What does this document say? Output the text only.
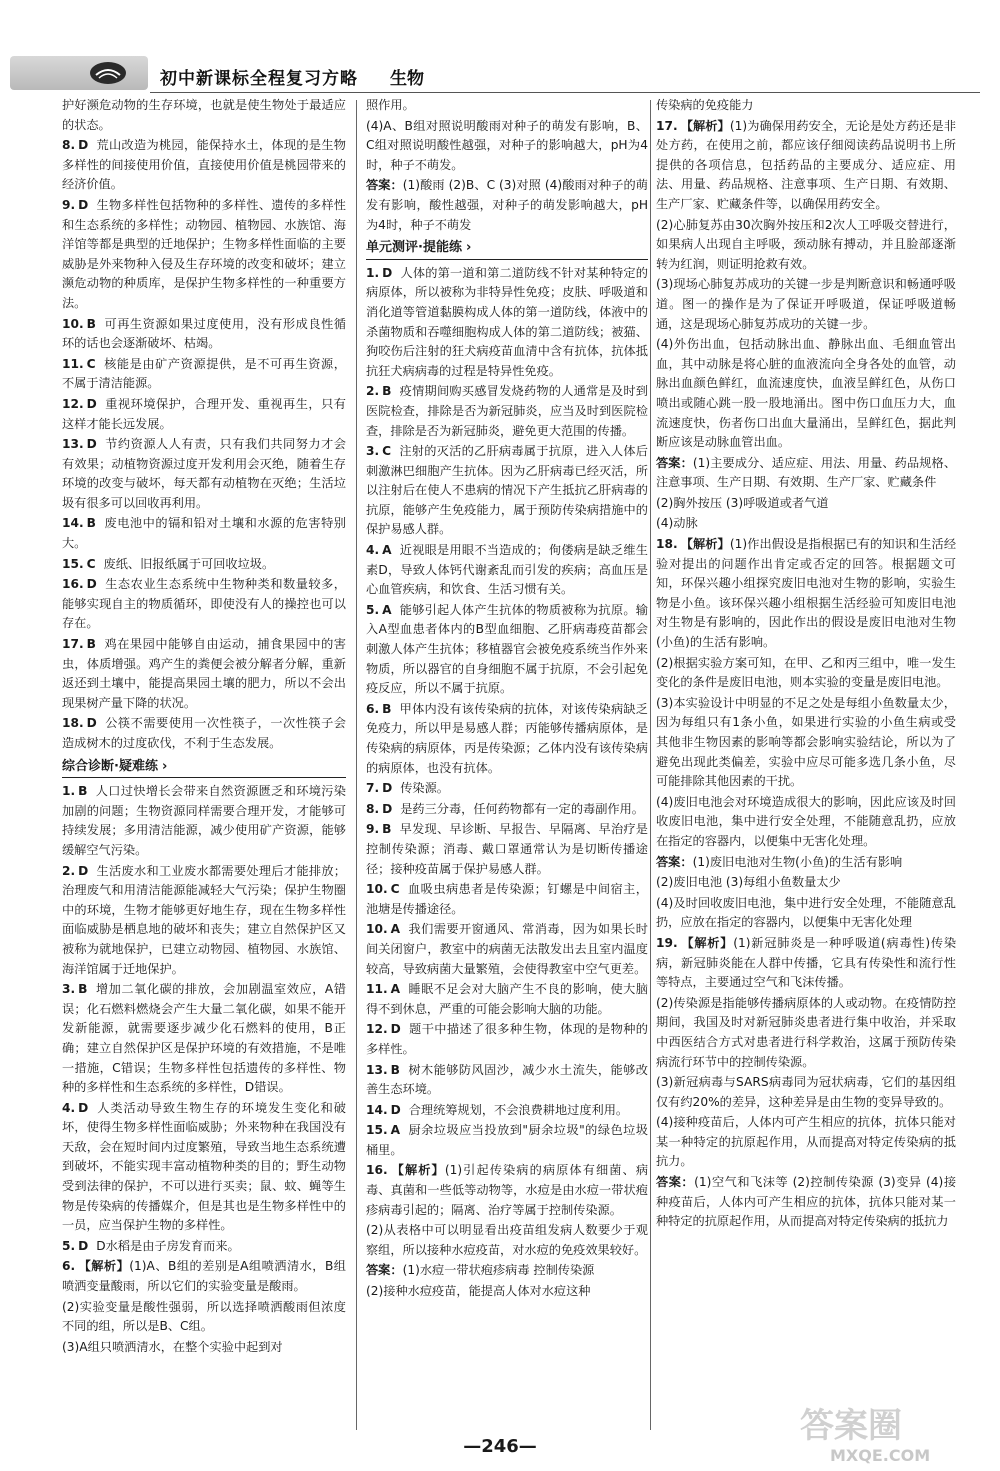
初中新课标全程复习方略 生物
护好濒危动物的生存环境，也就是使生物处于最适应的状态。
8. D 荒山改造为桃园，能保持水土，体现的是生物多样性的间接使用价值，直接使用价值是桃园带来的经济价值。
9. D 生物多样性包括物种的多样性、遗传的多样性和生态系统的多样性；动物园、植物园、水族馆、海洋馆等都是典型的迁地保护；生物多样性面临的主要威胁是外来物种入侵及生存环境的改变和破坏；建立濒危动物的种质库，是保护生物多样性的一种重要方法。
10. B 可再生资源如果过度使用，没有形成良性循环的话也会逐渐破坏、枯竭。
11. C 核能是由矿产资源提供，是不可再生资源，不属于清洁能源。
12. D 重视环境保护，合理开发、重视再生，只有这样才能长远发展。
13. D 节约资源人人有责，只有我们共同努力才会有效果；动植物资源过度开发利用会灭绝，随着生存环境的改变与破坏，每天都有动植物在灭绝；生活垃圾有很多可以回收再利用。
14. B 废电池中的镉和铅对土壤和水源的危害特别大。
15. C 废纸、旧报纸属于可回收垃圾。
16. D 生态农业生态系统中生物种类和数量较多，能够实现自主的物质循环，即使没有人的操控也可以存在。
17. B 鸡在果园中能够自由运动，捕食果园中的害虫，体质增强。鸡产生的粪便会被分解者分解，重新返还到土壤中，能提高果园土壤的肥力，所以不会出现果树产量下降的状况。
18. D 公筷不需要使用一次性筷子，一次性筷子会造成树木的过度砍伐，不利于生态发展。
综合诊断·疑难练 ›
1. B 人口过快增长会带来自然资源匮乏和环境污染加剧的问题；生物资源同样需要合理开发，才能够可持续发展；多用清洁能源，减少使用矿产资源，能够缓解空气污染。
2. D 生活废水和工业废水都需要处理后才能排放；治理废气和用清洁能源能减轻大气污染；保护生物圈中的环境，生物才能够更好地生存，现在生物多样性面临威胁是栖息地的破坏和丧失；建立自然保护区又被称为就地保护，已建立动物园、植物园、水族馆、海洋馆属于迁地保护。
3. B 增加二氧化碳的排放，会加剧温室效应，A错误；化石燃料燃烧会产生大量二氧化碳，如果不能开发新能源，就需要逐步减少化石燃料的使用，B正确；建立自然保护区是保护环境的有效措施，不是唯一措施，C错误；生物多样性包括遗传的多样性、物种的多样性和生态系统的多样性，D错误。
4. D 人类活动导致生物生存的环境发生变化和破坏，使得生物多样性面临威胁；外来物种在我国没有天敌，会在短时间内过度繁殖，导致当地生态系统遭到破坏，不能实现丰富动植物种类的目的；野生动物受到法律的保护，不可以进行买卖；鼠、蚊、蝇等生物是传染病的传播媒介，但是其也是生物多样性中的一员，应当保护生物的多样性。
5. D D水稻是由子房发育而来。
6. 【解析】(1)A、B组的差别是A组喷洒清水，B组喷洒变量酸雨，所以它们的实验变量是酸雨。
(2)实验变量是酸性强弱，所以选择喷洒酸雨但浓度不同的组，所以是B、C组。
(3)A组只喷洒清水，在整个实验中起到对
照作用。
(4)A、B组对照说明酸雨对种子的萌发有影响，B、C组对照说明酸性越强，对种子的影响越大，pH为4时，种子不萌发。
答案：(1)酸雨 (2)B、C (3)对照 (4)酸雨对种子的萌发有影响，酸性越强，对种子的萌发影响越大，pH为4时，种子不萌发
单元测评·提能练 ›
1. D 人体的第一道和第二道防线不针对某种特定的病原体，所以被称为非特异性免疫；皮肤、呼吸道和消化道等管道黏膜构成人体的第一道防线，体液中的杀菌物质和吞噬细胞构成人体的第二道防线；被猫、狗咬伤后注射的狂犬病疫苗血清中含有抗体，抗体抵抗狂犬病病毒的过程是特异性免疫。
2. B 疫情期间购买感冒发烧药物的人通常是及时到医院检查，排除是否为新冠肺炎，应当及时到医院检查，排除是否为新冠肺炎，避免更大范围的传播。
3. C 注射的灭活的乙肝病毒属于抗原，进入人体后刺激淋巴细胞产生抗体。因为乙肝病毒已经灭活，所以注射后在使人不患病的情况下产生抵抗乙肝病毒的抗原，能够产生免疫能力，属于预防传染病措施中的保护易感人群。
4. A 近视眼是用眼不当造成的；佝偻病是缺乏维生素D，导致人体钙代谢紊乱而引发的疾病；高血压是心血管疾病，和饮食、生活习惯有关。
5. A 能够引起人体产生抗体的物质被称为抗原。输入A型血患者体内的B型血细胞、乙肝病毒疫苗都会刺激人体产生抗体；移植器官会被免疫系统当作外来物质，所以器官的自身细胞不属于抗原，不会引起免疫反应，所以不属于抗原。
6. B 甲体内没有该传染病的抗体，对该传染病缺乏免疫力，所以甲是易感人群；丙能够传播病原体，是传染病的病原体，丙是传染源；乙体内没有该传染病的病原体，也没有抗体。
7. D 传染源。
8. D 是药三分毒，任何药物都有一定的毒副作用。
9. B 早发现、早诊断、早报告、早隔离、早治疗是控制传染源；消毒、戴口罩通常认为是切断传播途径；接种疫苗属于保护易感人群。
10. C 血吸虫病患者是传染源；钉螺是中间宿主，池塘是传播途径。
10. A 我们需要开窗通风、常消毒，因为如果长时间关闭窗户，教室中的病菌无法散发出去且室内温度较高，导致病菌大量繁殖，会使得教室中空气更差。
11. A 睡眠不足会对大脑产生不良的影响，使大脑得不到休息，严重的可能会影响大脑的功能。
12. D 题干中描述了很多种生物，体现的是物种的多样性。
13. B 树木能够防风固沙，减少水土流失，能够改善生态环境。
14. D 合理统筹规划，不会浪费耕地过度利用。
15. A 厨余垃圾应当投放到"厨余垃圾"的绿色垃圾桶里。
16. 【解析】(1)引起传染病的病原体有细菌、病毒、真菌和一些低等动物等，水痘是由水痘一带状疱疹病毒引起的；隔离、治疗等属于控制传染源。
(2)从表格中可以明显看出疫苗组发病人数要少于观察组，所以接种水痘疫苗，对水痘的免疫效果较好。
答案：(1)水痘一带状疱疹病毒 控制传染源
(2)接种水痘疫苗，能提高人体对水痘这种
传染病的免疫能力
17. 【解析】(1)为确保用药安全，无论是处方药还是非处方药，在使用之前，都应该仔细阅读药品说明书上所提供的各项信息，包括药品的主要成分、适应症、用法、用量、药品规格、注意事项、生产日期、有效期、生产厂家、贮藏条件等，以确保用药安全。
(2)心肺复苏由30次胸外按压和2次人工呼吸交替进行，如果病人出现自主呼吸，颈动脉有搏动，并且脸部逐渐转为红润，则证明抢救有效。
(3)现场心肺复苏成功的关键一步是判断意识和畅通呼吸道。图一的操作是为了保证开呼吸道，保证呼吸道畅通，这是现场心肺复苏成功的关键一步。
(4)外伤出血，包括动脉出血、静脉出血、毛细血管出血，其中动脉是将心脏的血液流向全身各处的血管，动脉出血颜色鲜红，血流速度快，血液呈鲜红色，从伤口喷出或随心跳一股一股地涌出。图中伤口血压力大，血流速度快，伤者伤口出血大量涌出，呈鲜红色，据此判断应该是动脉血管出血。
答案：(1)主要成分、适应症、用法、用量、药品规格、注意事项、生产日期、有效期、生产厂家、贮藏条件
(2)胸外按压 (3)呼吸道或者气道
(4)动脉
18. 【解析】(1)作出假设是指根据已有的知识和生活经验对提出的问题作出肯定或否定的回答。根据题文可知，环保兴趣小组探究废旧电池对生物的影响，实验生物是小鱼。该环保兴趣小组根据生活经验可知废旧电池对生物是有影响的，因此作出的假设是废旧电池对生物(小鱼)的生活有影响。
(2)根据实验方案可知，在甲、乙和丙三组中，唯一发生变化的条件是废旧电池，则本实验的变量是废旧电池。
(3)本实验设计中明显的不足之处是每组小鱼数量太少，因为每组只有1条小鱼，如果进行实验的小鱼生病或受其他非生物因素的影响等都会影响实验结论，所以为了避免出现此类偏差，实验中应尽可能多选几条小鱼，尽可能排除其他因素的干扰。
(4)废旧电池会对环境造成很大的影响，因此应该及时回收废旧电池，集中进行安全处理，不能随意乱扔，应放在指定的容器内，以便集中无害化处理。
答案：(1)废旧电池对生物(小鱼)的生活有影响
(2)废旧电池 (3)每组小鱼数量太少
(4)及时回收废旧电池，集中进行安全处理，不能随意乱扔，应放在指定的容器内，以便集中无害化处理
19. 【解析】(1)新冠肺炎是一种呼吸道(病毒性)传染病，新冠肺炎能在人群中传播，它具有传染性和流行性等特点，主要通过空气和飞沫传播。
(2)传染源是指能够传播病原体的人或动物。在疫情防控期间，我国及时对新冠肺炎患者进行集中收治，并采取中西医结合方式对患者进行科学救治，这属于预防传染病流行环节中的控制传染源。
(3)新冠病毒与SARS病毒同为冠状病毒，它们的基因组仅有约20%的差异，这种差异是由生物的变异导致的。
(4)接种疫苗后，人体内可产生相应的抗体，抗体只能对某一种特定的抗原起作用，从而提高对特定传染病的抵抗力。
答案：(1)空气和飞沫等 (2)控制传染源 (3)变异 (4)接种疫苗后，人体内可产生相应的抗体，抗体只能对某一种特定的抗原起作用，从而提高对特定传染病的抵抗力
—246—
答案圈
MXQE.COM
